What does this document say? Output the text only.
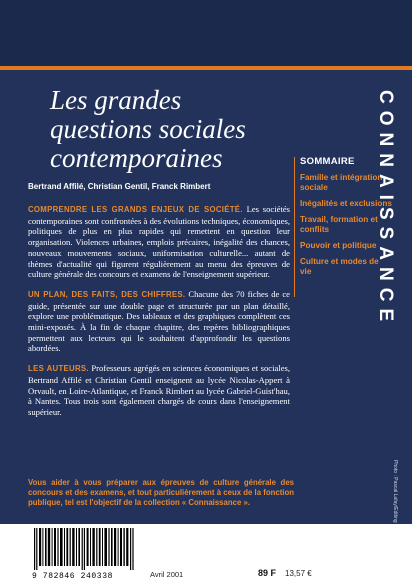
Les grandes
questions sociales
contemporaines
Bertrand Affilé, Christian Gentil, Franck Rimbert

COMPRENDRE LES GRANDS ENJEUX DE SOCIÉTÉ. Les sociétés contemporaines sont confrontées à des évolutions techniques, économiques, politiques de plus en plus rapides qui remettent en question leur organisation. Violences urbaines, emplois précaires, inégalité des chances, nouveaux mouvements sociaux, uniformisation culturelle... autant de thèmes d'actualité qui figurent régulièrement au menu des épreuves de culture générale des concours et examens de l'enseignement supérieur.

UN PLAN, DES FAITS, DES CHIFFRES. Chacune des 70 fiches de ce guide, présentée sur une double page et structurée par un plan détaillé, explore une problématique. Des tableaux et des graphiques complètent ces mini-exposés. À la fin de chaque chapitre, des repères bibliographiques permettent aux lecteurs qui le souhaitent d'approfondir les questions abordées.

LES AUTEURS. Professeurs agrégés en sciences économiques et sociales, Bertrand Affilé et Christian Gentil enseignent au lycée Nicolas-Appert à Orvault, en Loire-Atlantique, et Franck Rimbert au lycée Gabriel-Guist'hau, à Nantes. Tous trois sont également chargés de cours dans l'enseignement supérieur.

SOMMAIRE
Famille et intégration sociale
Inégalités et exclusions
Travail, formation et conflits
Pouvoir et politique
Culture et modes de vie	CONNAISSANCE
Photo : Pascal Lafay/Editing
Vous aider à vous préparer aux épreuves de culture générale des concours et des examens, et tout particulièrement à ceux de la fonction publique, tel est l'objectif de la collection « Connaissance ».
9 782846 240338	Avril 2001	89 F 13,57 €
